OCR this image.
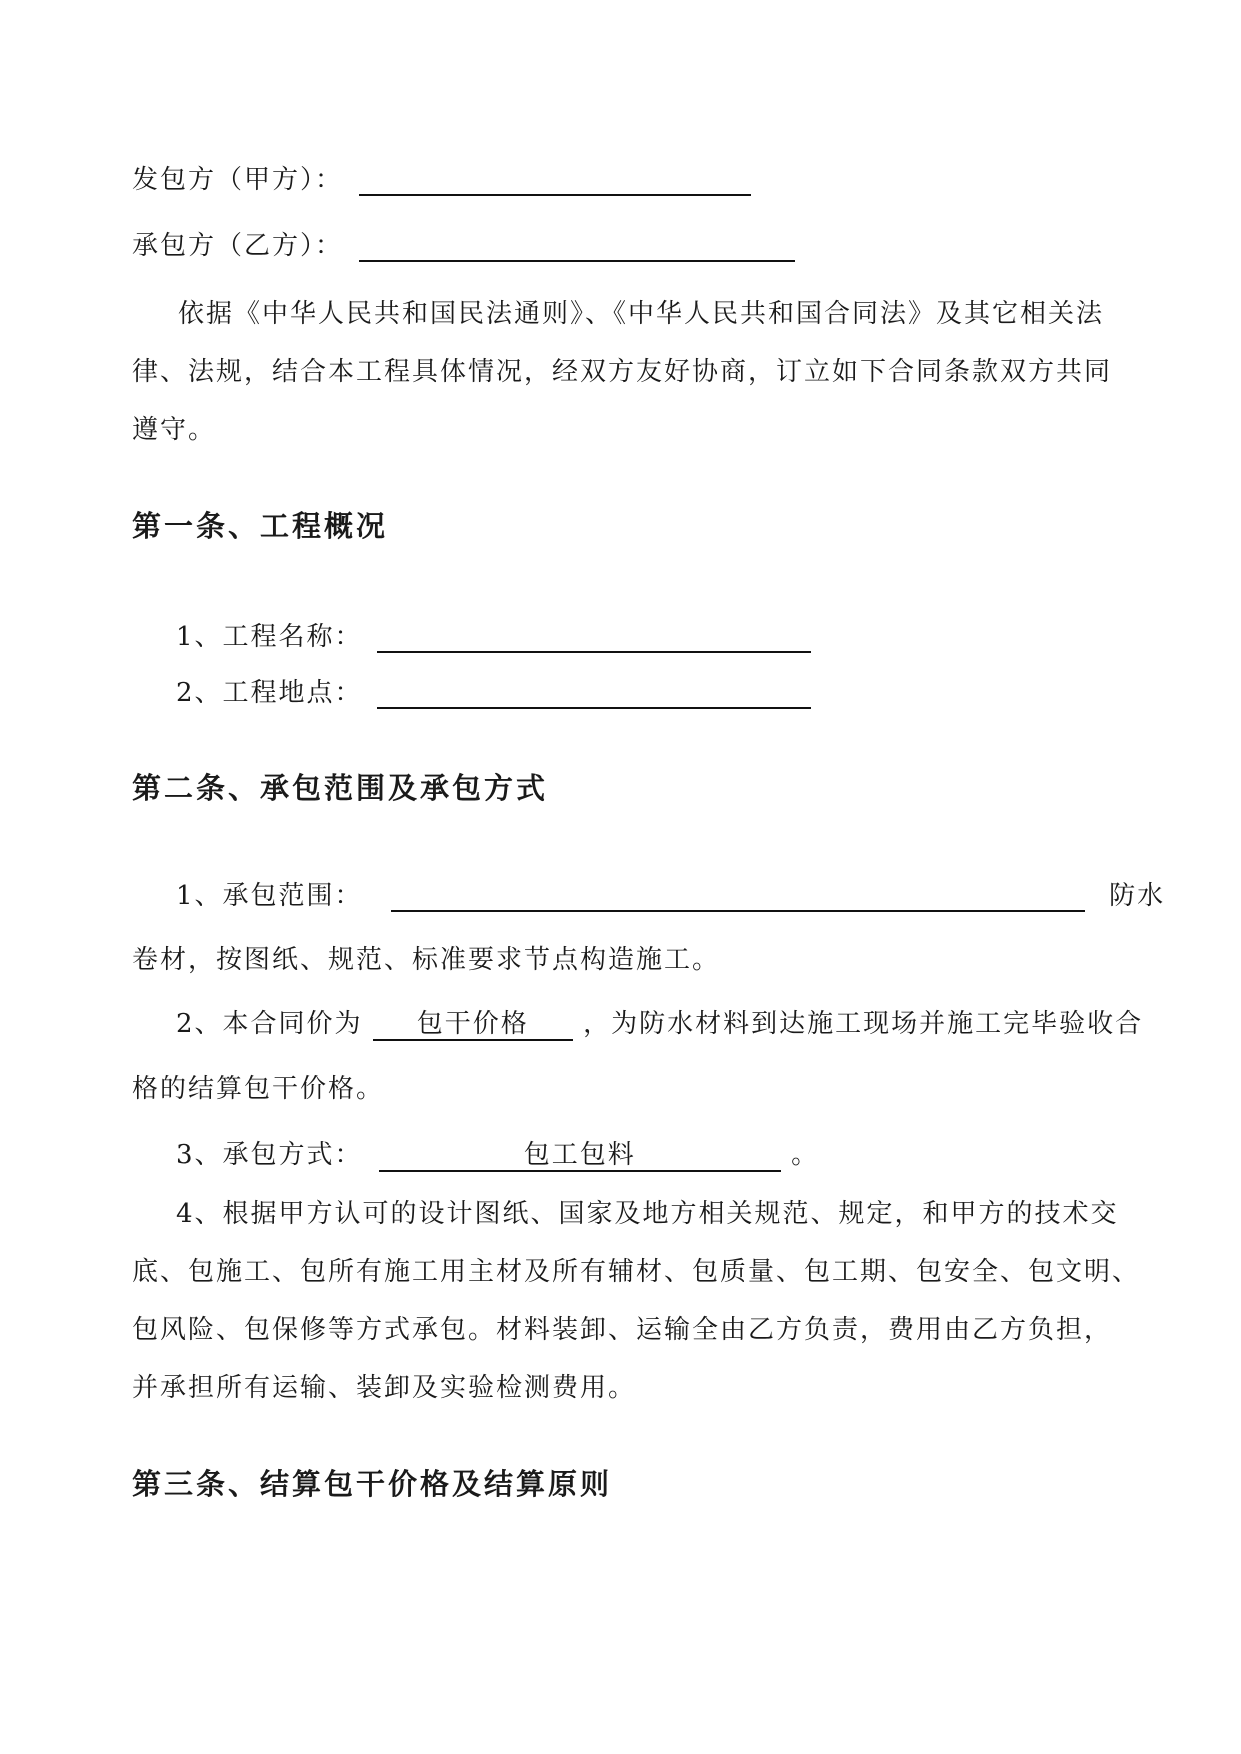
发包方（甲方）：
承包方（乙方）：
依据《中华人民共和国民法通则》、《中华人民共和国合同法》及其它相关法
律、法规，结合本工程具体情况，经双方友好协商，订立如下合同条款双方共同
遵守。
第一条、工程概况
1、工程名称：
2、工程地点：
第二条、承包范围及承包方式
1、承包范围：	防水
卷材，按图纸、规范、标准要求节点构造施工。
2、本合同价为 包干价格 ，为防水材料到达施工现场并施工完毕验收合
格的结算包干价格。
3、承包方式：	包工包料	。
4、根据甲方认可的设计图纸、国家及地方相关规范、规定，和甲方的技术交
底、包施工、包所有施工用主材及所有辅材、包质量、包工期、包安全、包文明、
包风险、包保修等方式承包。材料装卸、运输全由乙方负责，费用由乙方负担，
并承担所有运输、装卸及实验检测费用。
第三条、结算包干价格及结算原则
